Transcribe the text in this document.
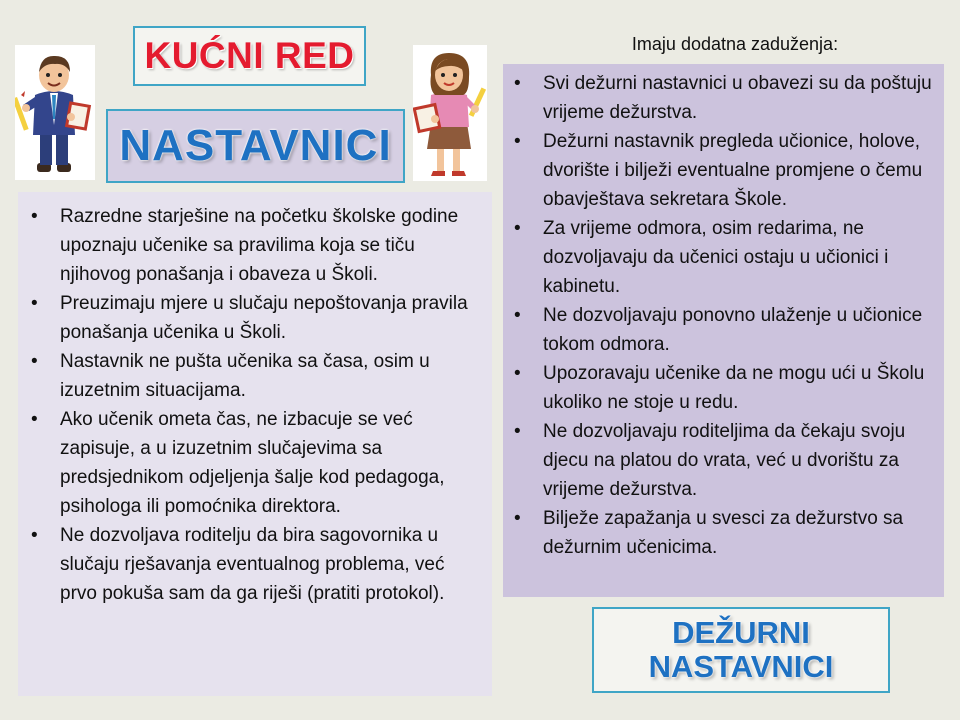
KUĆNI RED
NASTAVNICI
Imaju dodatna zaduženja:
• Razredne starješine na početku školske godine upoznaju učenike sa pravilima koja se tiču njihovog ponašanja i obaveza u Školi.
• Preuzimaju mjere u slučaju nepoštovanja pravila ponašanja učenika u Školi.
• Nastavnik ne pušta učenika sa časa, osim u izuzetnim situacijama.
• Ako učenik ometa čas, ne izbacuje se već zapisuje, a u izuzetnim slučajevima sa predsjednikom odjeljenja šalje kod pedagoga, psihologa ili pomoćnika direktora.
• Ne dozvoljava roditelju da bira sagovornika u slučaju rješavanja eventualnog problema, već prvo pokuša sam da ga riješi (pratiti protokol).
• Svi dežurni nastavnici u obavezi su da poštuju vrijeme dežurstva.
• Dežurni nastavnik pregleda učionice, holove, dvorište i bilježi eventualne promjene o čemu obavještava sekretara Škole.
• Za vrijeme odmora, osim redarima, ne dozvoljavaju da učenici ostaju u učionici i kabinetu.
• Ne dozvoljavaju ponovno ulaženje u učionice tokom odmora.
• Upozoravaju učenike da ne mogu ući u Školu ukoliko ne stoje u redu.
• Ne dozvoljavaju roditeljima da čekaju svoju djecu na platou do vrata, već u dvorištu za vrijeme dežurstva.
• Bilježe zapažanja u svesci za dežurstvo sa dežurnim učenicima.
DEŽURNI
NASTAVNICI
